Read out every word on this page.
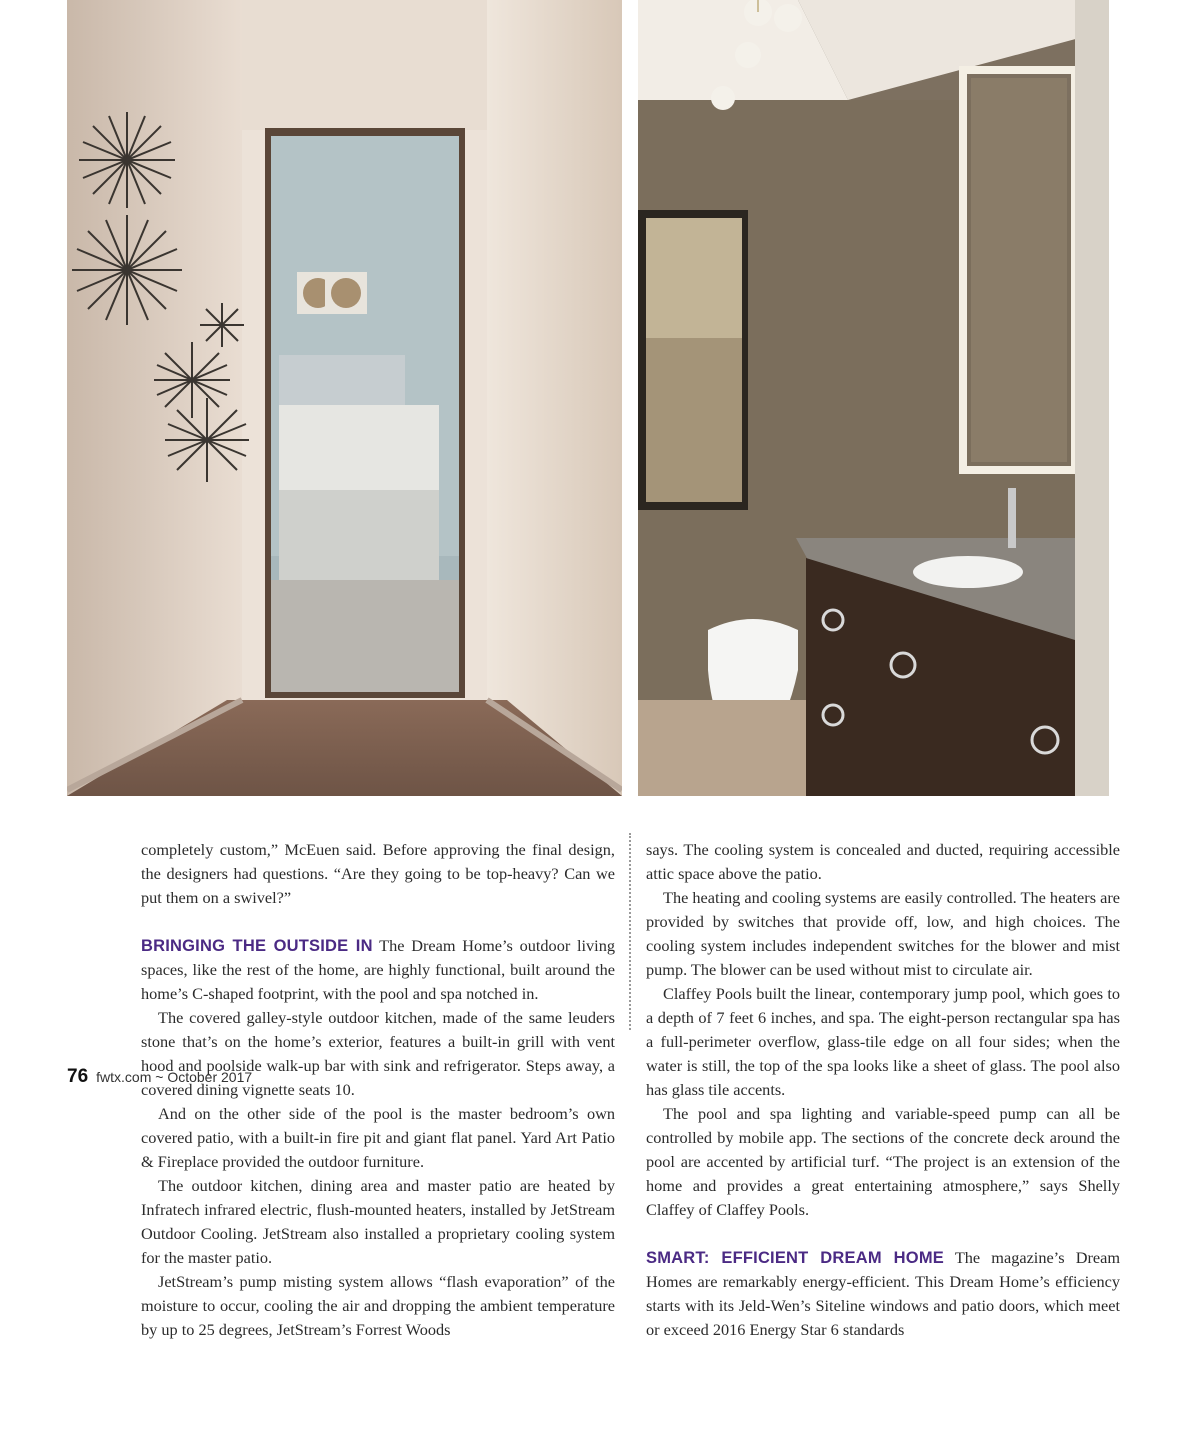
completely custom,” McEuen said. Before approving the final design, the designers had questions. “Are they going to be top-heavy? Can we put them on a swivel?”

BRINGING THE OUTSIDE IN The Dream Home’s outdoor living spaces, like the rest of the home, are highly functional, built around the home’s C-shaped footprint, with the pool and spa notched in.

The covered galley-style outdoor kitchen, made of the same leuders stone that’s on the home’s exterior, features a built-in grill with vent hood and poolside walk-up bar with sink and refrigerator. Steps away, a covered dining vignette seats 10.

And on the other side of the pool is the master bedroom’s own covered patio, with a built-in fire pit and giant flat panel. Yard Art Patio & Fireplace provided the outdoor furniture.

The outdoor kitchen, dining area and master patio are heated by Infratech infrared electric, flush-mounted heaters, installed by JetStream Outdoor Cooling. JetStream also installed a proprietary cooling system for the master patio.

JetStream’s pump misting system allows “flash evaporation” of the moisture to occur, cooling the air and dropping the ambient temperature by up to 25 degrees, JetStream’s Forrest Woods

says. The cooling system is concealed and ducted, requiring accessible attic space above the patio.

The heating and cooling systems are easily controlled. The heaters are provided by switches that provide off, low, and high choices. The cooling system includes independent switches for the blower and mist pump. The blower can be used without mist to circulate air.

Claffey Pools built the linear, contemporary jump pool, which goes to a depth of 7 feet 6 inches, and spa. The eight-person rectangular spa has a full-perimeter overflow, glass-tile edge on all four sides; when the water is still, the top of the spa looks like a sheet of glass. The pool also has glass tile accents.

The pool and spa lighting and variable-speed pump can all be controlled by mobile app. The sections of the concrete deck around the pool are accented by artificial turf. “The project is an extension of the home and provides a great entertaining atmosphere,” says Shelly Claffey of Claffey Pools.

SMART: EFFICIENT DREAM HOME The magazine’s Dream Homes are remarkably energy-efficient. This Dream Home’s efficiency starts with its Jeld-Wen’s Siteline windows and patio doors, which meet or exceed 2016 Energy Star 6 standards

76 fwtx.com ~ October 2017
